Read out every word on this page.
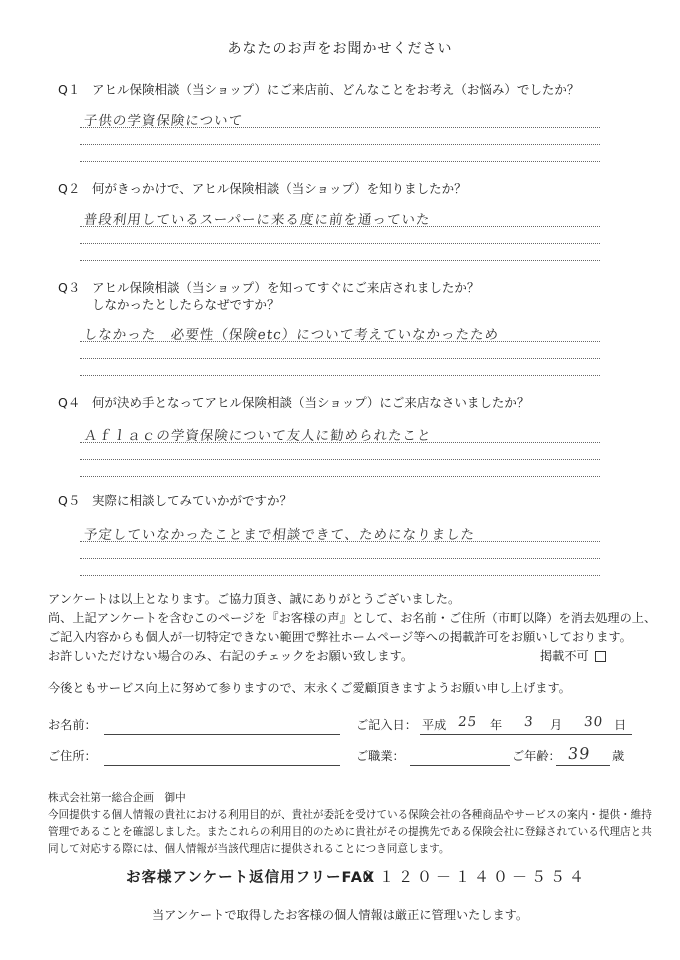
あなたのお声をお聞かせください
Q１ アヒル保険相談（当ショップ）にご来店前、どんなことをお考え（お悩み）でしたか？
子供の学資保険について
Q２ 何がきっかけで、アヒル保険相談（当ショップ）を知りましたか？
普段利用しているスーパーに来る度に前を通っていた
Q３ アヒル保険相談（当ショップ）を知ってすぐにご来店されましたか？
しなかったとしたらなぜですか？
しなかった　必要性（保険etc）について考えていなかったため
Q４ 何が決め手となってアヒル保険相談（当ショップ）にご来店なさいましたか？
Ａｆｌａｃの学資保険について友人に勧められたこと
Q５ 実際に相談してみていかがですか？
予定していなかったことまで相談できて、ためになりました
アンケートは以上となります。ご協力頂き、誠にありがとうございました。
尚、上記アンケートを含むこのページを『お客様の声』として、お名前・ご住所（市町以降）を消去処理の上、
ご記入内容からも個人が一切特定できない範囲で弊社ホームページ等への掲載許可をお願いしております。
お許しいただけない場合のみ、右記のチェックをお願い致します。	掲載不可
今後ともサービス向上に努めて参りますので、末永くご愛顧頂きますようお願い申し上げます。
お名前：	ご記入日： 平成 25 年 3 月 30 日
ご住所：	ご職業：	ご年齢： 39 歳
株式会社第一総合企画　御中
今回提供する個人情報の貴社における利用目的が、貴社が委託を受けている保険会社の各種商品やサービスの案内・提供・維持
管理であることを確認しました。またこれらの利用目的のために貴社がその提携先である保険会社に登録されている代理店と共
同して対応する際には、個人情報が当該代理店に提供されることにつき同意します。
お客様アンケート返信用フリーFAX
０１２０－１４０－５５４
当アンケートで取得したお客様の個人情報は厳正に管理いたします。
